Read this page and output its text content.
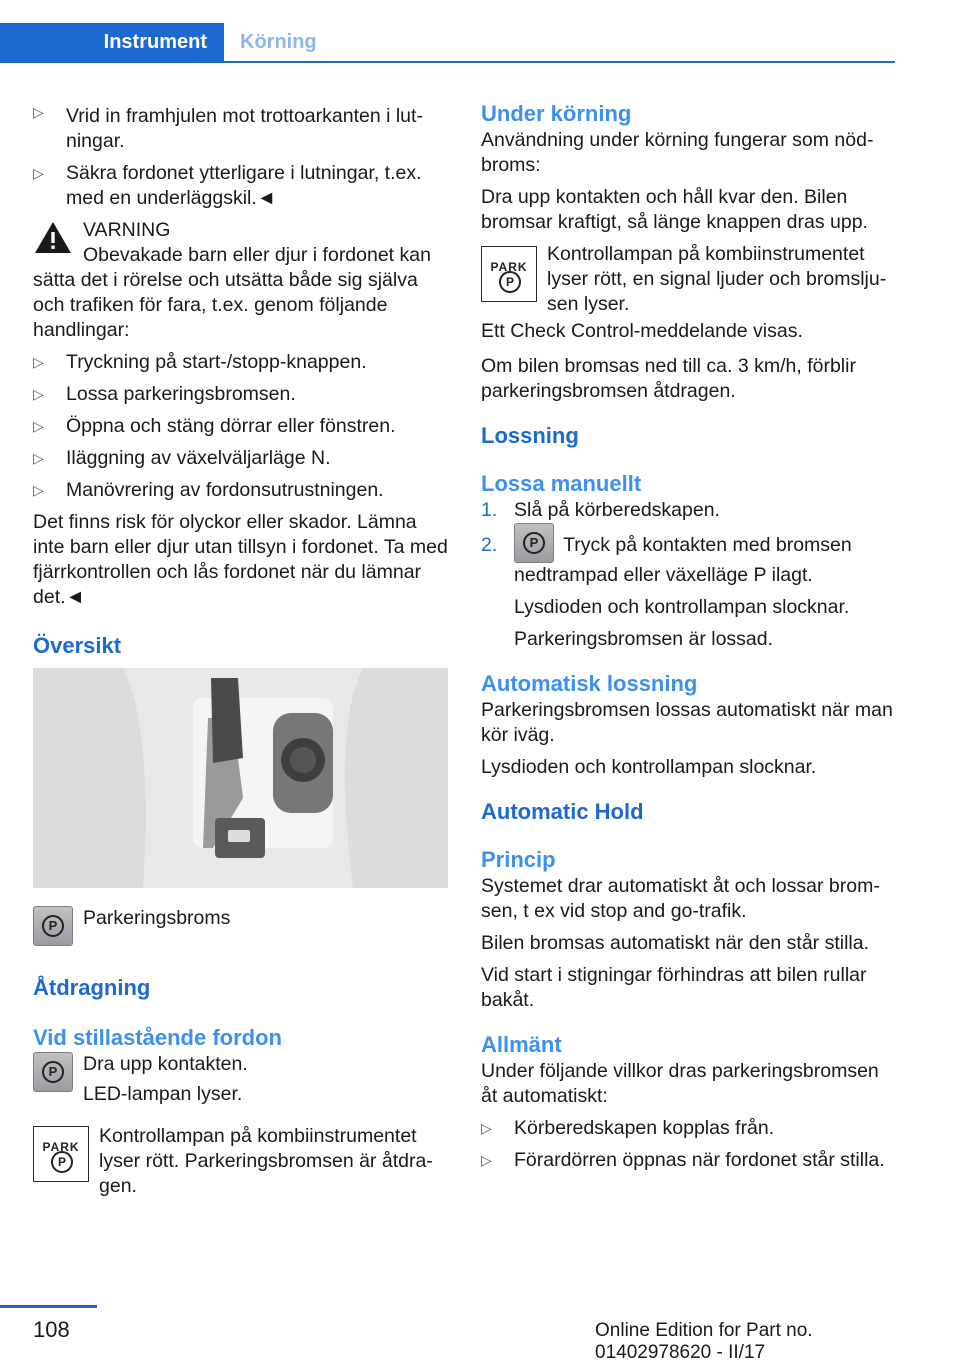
Instrument	Körning
▷ Vrid in framhjulen mot trottoarkanten i lutningar.
▷ Säkra fordonet ytterligare i lutningar, t.ex. med en underläggskil.◄

VARNING

Obevakade barn eller djur i fordonet kan sätta det i rörelse och utsätta både sig själva och trafiken för fara, t.ex. genom följande handlingar:

▷ Tryckning på start-/stopp-knappen.
▷ Lossa parkeringsbromsen.
▷ Öppna och stäng dörrar eller fönstren.
▷ Iläggning av växelväljarläge N.
▷ Manövrering av fordonsutrustningen.

Det finns risk för olyckor eller skador. Lämna inte barn eller djur utan tillsyn i fordonet. Ta med fjärrkontrollen och lås fordonet när du lämnar det.◄

Översikt
P	Parkeringsbroms
Åtdragning
Vid stillastående fordon
P	Dra upp kontakten.

LED-lampan lyser.

PARK
P

Kontrollampan på kombiinstrumentet lyser rött. Parkeringsbromsen är åtdragen.

Under körning

Användning under körning fungerar som nödbroms:

Dra upp kontakten och håll kvar den. Bilen bromsar kraftigt, så länge knappen dras upp.

PARK
P

Kontrollampan på kombiinstrumentet lyser rött, en signal ljuder och bromsljusen lyser.

Ett Check Control-meddelande visas.

Om bilen bromsas ned till ca. 3 km/h, förblir parkeringsbromsen åtdragen.

Lossning
Lossa manuellt
1. Slå på körberedskapen.
2.	P	Tryck på kontakten med bromsen nedtrampad eller växelläge P ilagt.

Lysdioden och kontrollampan slocknar.

Parkeringsbromsen är lossad.

Automatisk lossning

Parkeringsbromsen lossas automatiskt när man kör iväg.

Lysdioden och kontrollampan slocknar.

Automatic Hold
Princip

Systemet drar automatiskt åt och lossar bromsen, t ex vid stop and go-trafik.

Bilen bromsas automatiskt när den står stilla.

Vid start i stigningar förhindras att bilen rullar bakåt.

Allmänt

Under följande villkor dras parkeringsbromsen åt automatiskt:

▷ Körberedskapen kopplas från.
▷ Förardörren öppnas när fordonet står stilla.
108	Online Edition for Part no. 01402978620 - II/17
